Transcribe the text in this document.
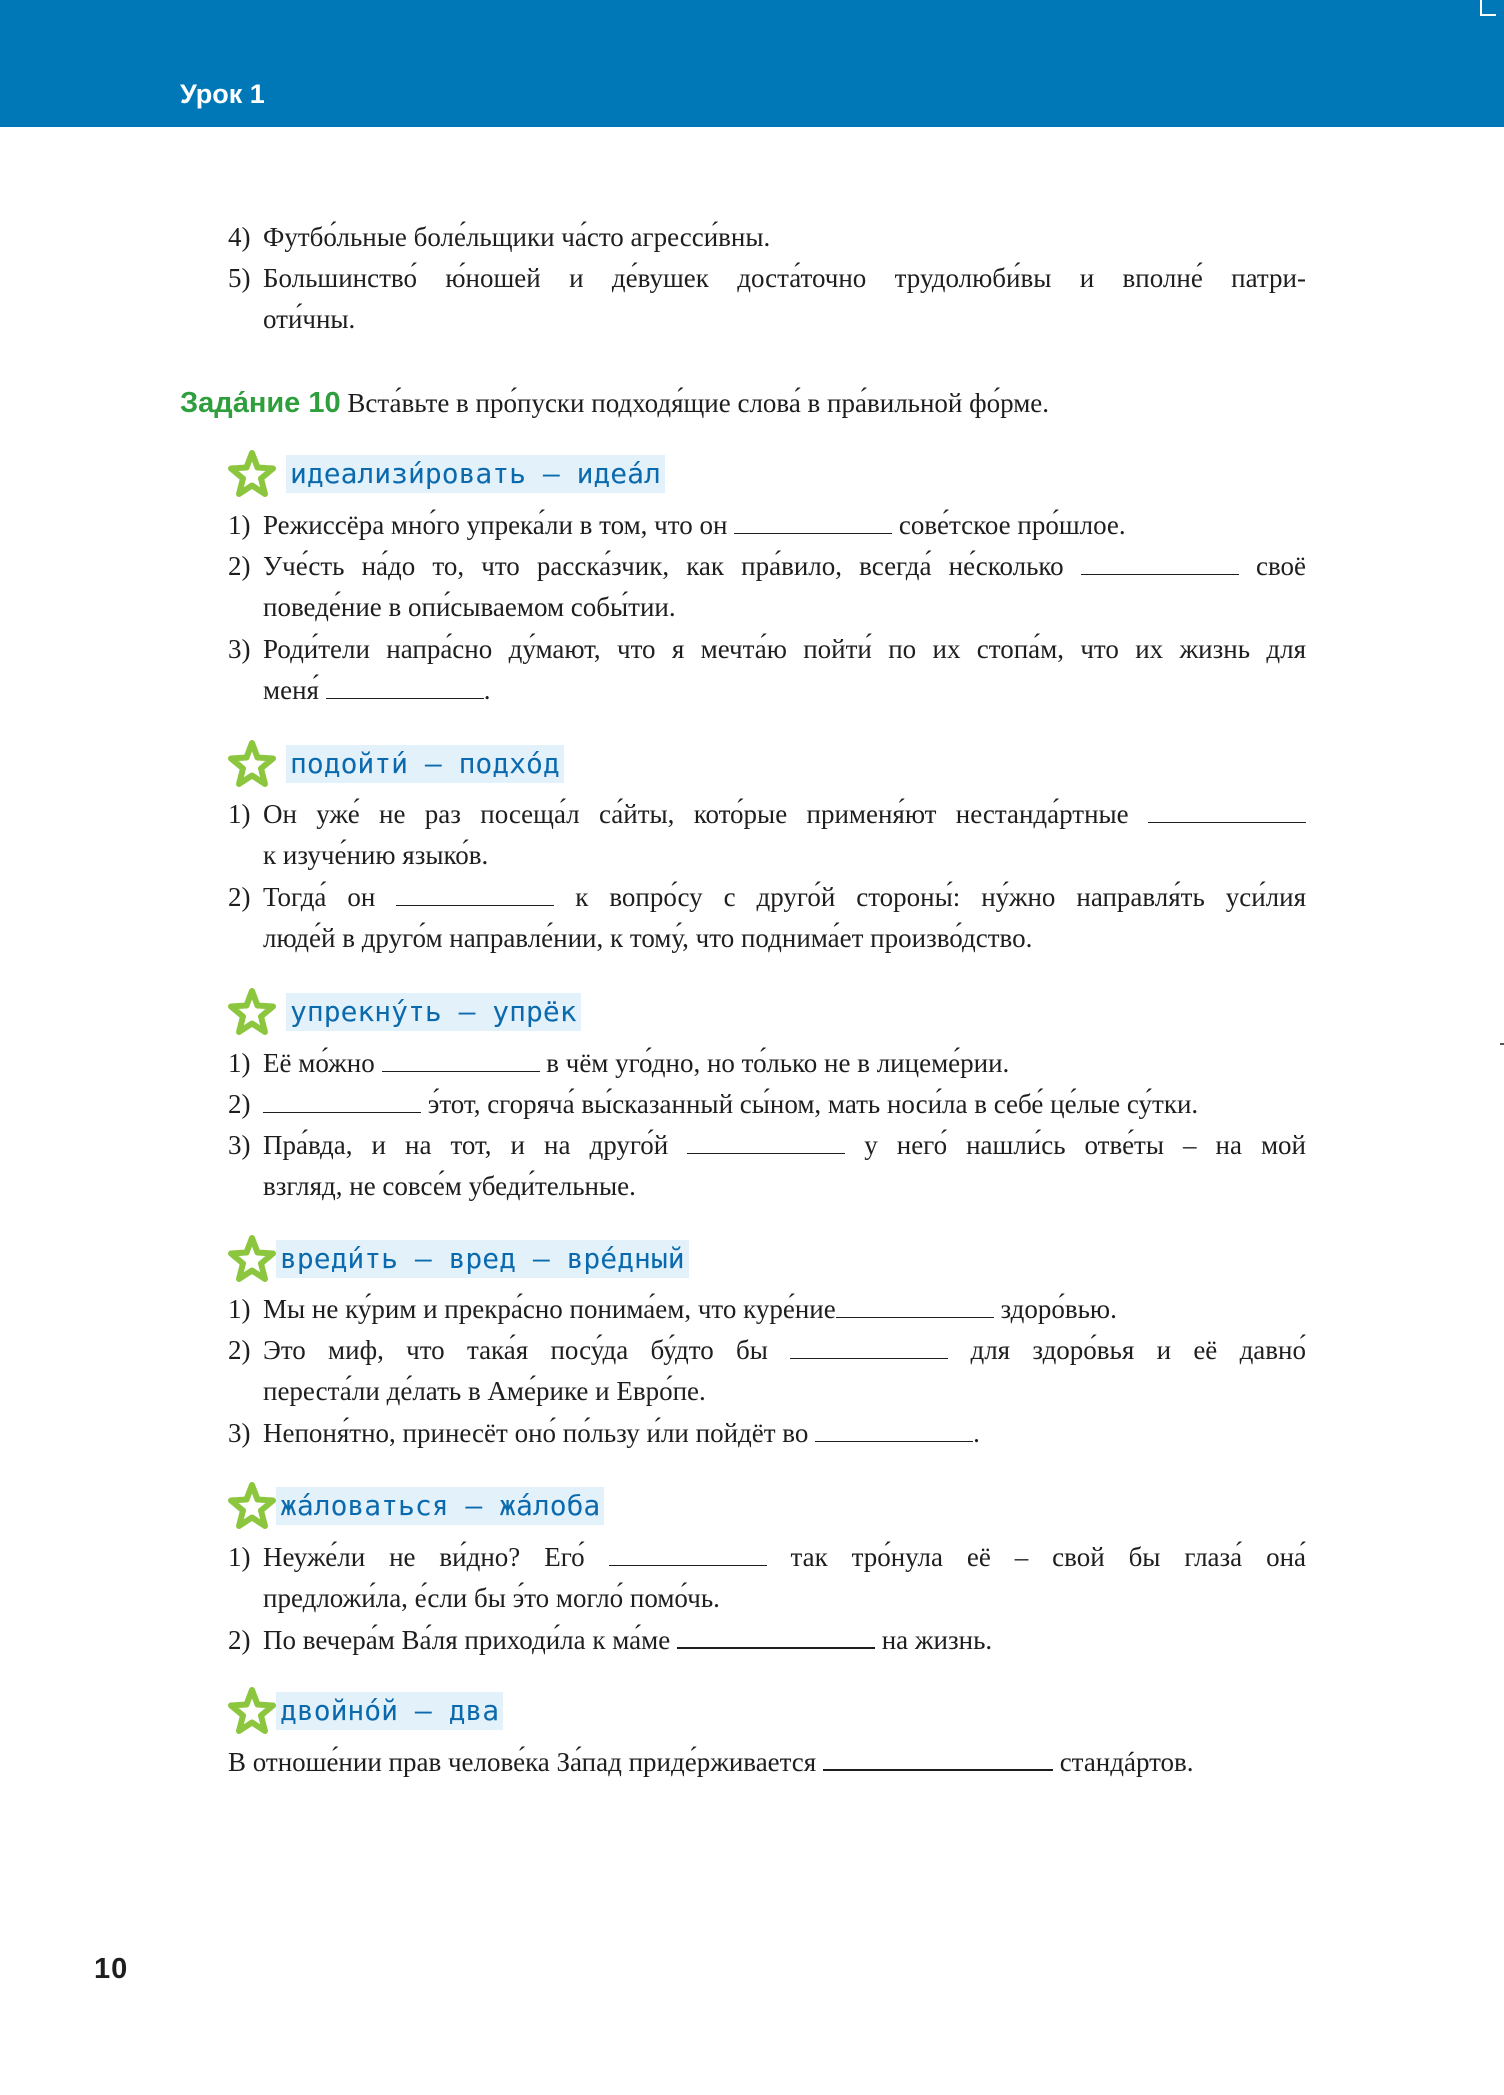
Урок 1
4) Футбо́льные боле́льщики ча́сто агресси́вны.
5) Большинство́ ю́ношей и де́вушек доста́точно трудолюби́вы и вполне́ патри-
оти́чны.
Зада́ние 10 Вста́вьте в про́пуски подходя́щие слова́ в пра́вильной фо́рме.
идеализи́ровать – идеа́л
1) Режиссёра мно́го упрека́ли в том, что он	сове́тское про́шлое.
2) Уче́сть на́до то, что расска́зчик, как пра́вило, всегда́ не́сколько	своё
поведе́ние в опи́сываемом собы́тии.
3) Роди́тели напра́сно ду́мают, что я мечта́ю пойти́ по их стопа́м, что их жизнь для
меня́	.
подойти́ – подхо́д
1) Он уже́ не раз посеща́л са́йты, кото́рые применя́ют нестанда́ртные
к изуче́нию языко́в.
2) Тогда́ он	к вопро́су с друго́й стороны́: ну́жно направля́ть уси́лия
люде́й в друго́м направле́нии, к тому́, что поднима́ет произво́дство.
упрекну́ть – упрёк
1) Её мо́жно	в чём уго́дно, но то́лько не в лицеме́рии.
2)	э́тот, сгоряча́ вы́сказанный сы́ном, мать носи́ла в себе́ це́лые су́тки.
3) Пра́вда, и на тот, и на друго́й	у него́ нашли́сь отве́ты – на мой
взгляд, не совсе́м убеди́тельные.
вреди́ть – вред – вре́дный
1) Мы не ку́рим и прекра́сно понима́ем, что куре́ние	здоро́вью.
2) Это миф, что така́я посу́да бу́дто бы	для здоро́вья и её давно́
переста́ли де́лать в Аме́рике и Евро́пе.
3) Непоня́тно, принесёт оно́ по́льзу и́ли пойдёт во	.
жа́ловаться – жа́лоба
1) Неуже́ли не ви́дно? Его́	так тро́нула её – свой бы глаза́ она́
предложи́ла, е́сли бы э́то могло́ помо́чь.
2) По вечера́м Ва́ля приходи́ла к ма́ме	на жизнь.
двойно́й – два
В отноше́нии прав челове́ка За́пад приде́рживается	стандáртов.
10
